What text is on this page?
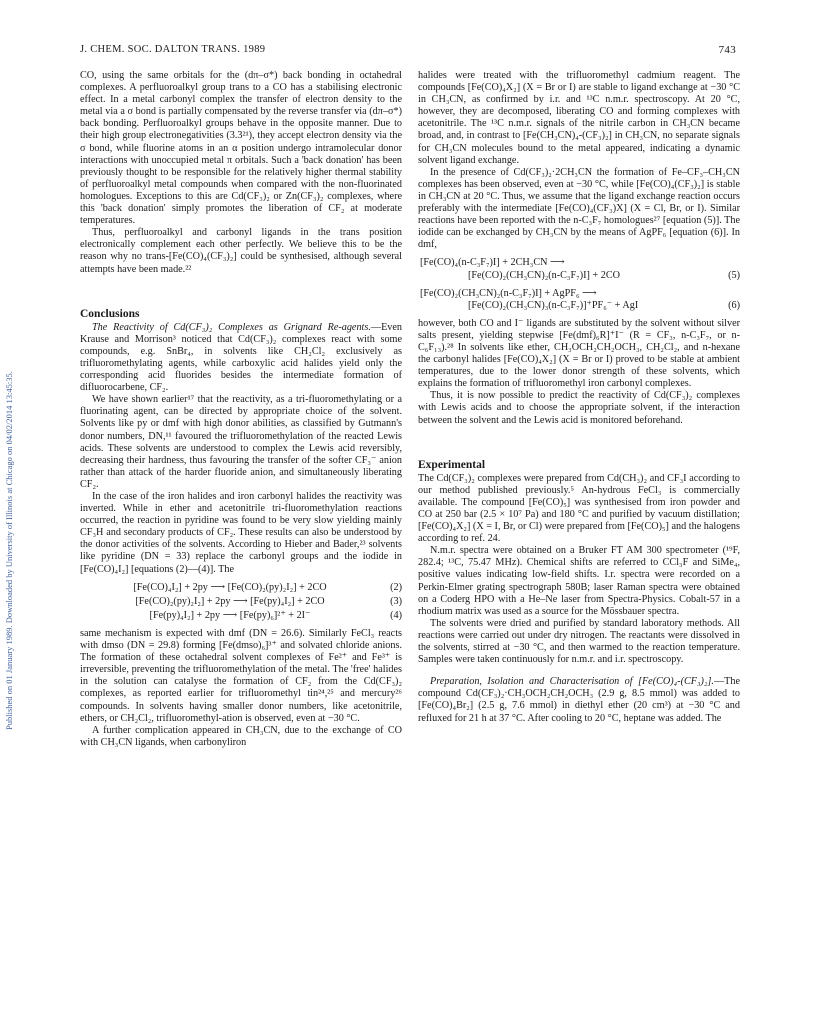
J. CHEM. SOC. DALTON TRANS. 1989	743
Published on 01 January 1989. Downloaded by University of Illinois at Chicago on 04/02/2014 13:45:35.

CO, using the same orbitals for the (dπ–σ*) back bonding in octahedral complexes. A perfluoroalkyl group trans to a CO has a stabilising electronic effect. In a metal carbonyl complex the transfer of electron density to the metal via a σ bond is partially compensated by the reverse transfer via (dπ–σ*) back bonding. Perfluoroalkyl groups behave in the opposite manner. Due to their high group electronegativities (3.3²¹), they accept electron density via the σ bond, while fluorine atoms in an α position undergo intramolecular donor interactions with unoccupied metal π orbitals. Such a 'back donation' has been previously thought to be responsible for the relatively higher thermal stability of perfluoroalkyl metal compounds when compared with the non-fluorinated homologues. Exceptions to this are Cd(CF₃)₂ or Zn(CF₃)₂ complexes, where this 'back donation' simply promotes the liberation of CF₂ at moderate temperatures.

Thus, perfluoroalkyl and carbonyl ligands in the trans position electronically complement each other perfectly. We believe this to be the reason why no trans-[Fe(CO)₄(CF₃)₂] could be synthesised, although several attempts have been made.²²

Conclusions

The Reactivity of Cd(CF₃)₂ Complexes as Grignard Re-agents.—Even Krause and Morrison³ noticed that Cd(CF₃)₂ complexes react with some compounds, e.g. SnBr₄, in solvents like CH₂Cl₂ exclusively as trifluoromethylating agents, while carboxylic acid halides yield only the corresponding acid fluorides besides the intermediate formation of difluorocarbene, CF₂.

We have shown earlier¹⁷ that the reactivity, as a tri-fluoromethylating or a fluorinating agent, can be directed by appropriate choice of the solvent. Solvents like py or dmf with high donor abilities, as classified by Gutmann's donor numbers, DN,¹¹ favoured the trifluoromethylation of the reacted Lewis acids. These solvents are understood to complex the Lewis acid reversibly, decreasing their hardness, thus favouring the transfer of the softer CF₃⁻ anion rather than attack of the harder fluoride anion, and simultaneously liberating CF₂.

In the case of the iron halides and iron carbonyl halides the reactivity was inverted. While in ether and acetonitrile tri-fluoromethylation reactions occurred, the reaction in pyridine was found to be very slow yielding mainly CF₃H and secondary products of CF₂. These results can also be understood by the donor activities of the solvents. According to Hieber and Bader,²³ solvents like pyridine (DN = 33) replace the carbonyl groups and the iodide in [Fe(CO)₄I₂] [equations (2)—(4)]. The

[Fe(CO)₄I₂] + 2py ⟶ [Fe(CO)₂(py)₂I₂] + 2CO	(2)
[Fe(CO)₂(py)₂I₂] + 2py ⟶ [Fe(py)₄I₂] + 2CO	(3)
[Fe(py)₄I₂] + 2py ⟶ [Fe(py)₆]²⁺ + 2I⁻	(4)

same mechanism is expected with dmf (DN = 26.6). Similarly FeCl₃ reacts with dmso (DN = 29.8) forming [Fe(dmso)₆]³⁺ and solvated chloride anions. The formation of these octahedral solvent complexes of Fe²⁺ and Fe³⁺ is irreversible, preventing the trifluoromethylation of the metal. The 'free' halides in the solution can catalyse the formation of CF₂ from the Cd(CF₃)₂ complexes, as reported earlier for trifluoromethyl tin²⁴,²⁵ and mercury²⁶ compounds. In solvents having smaller donor numbers, like acetonitrile, ethers, or CH₂Cl₂, trifluoromethyl-ation is observed, even at −30 °C.

A further complication appeared in CH₃CN, due to the exchange of CO with CH₃CN ligands, when carbonyliron

halides were treated with the trifluoromethyl cadmium reagent. The compounds [Fe(CO)₄X₂] (X = Br or I) are stable to ligand exchange at −30 °C in CH₃CN, as confirmed by i.r. and ¹³C n.m.r. spectroscopy. At 20 °C, however, they are decomposed, liberating CO and forming complexes with acetonitrile. The ¹³C n.m.r. signals of the nitrile carbon in CH₃CN became broad, and, in contrast to [Fe(CH₃CN)₄-(CF₃)₂] in CH₃CN, no separate signals for CH₃CN molecules bound to the metal appeared, indicating a dynamic solvent ligand exchange.

In the presence of Cd(CF₃)₂·2CH₃CN the formation of Fe–CF₃–CH₃CN complexes has been observed, even at −30 °C, while [Fe(CO)₄(CF₃)₂] is stable in CH₃CN at 20 °C. Thus, we assume that the ligand exchange reaction occurs preferably with the intermediate [Fe(CO)₄(CF₃)X] (X = Cl, Br, or I). Similar reactions have been reported with the n-C₃F₇ homologues²⁷ [equation (5)]. The iodide can be exchanged by CH₃CN by the means of AgPF₆ [equation (6)]. In dmf,

[Fe(CO)₄(n-C₃F₇)I] + 2CH₃CN ⟶
[Fe(CO)₂(CH₃CN)₂(n-C₃F₇)I] + 2CO	(5)
[Fe(CO)₂(CH₃CN)₂(n-C₃F₇)I] + AgPF₆ ⟶
[Fe(CO)₂(CH₃CN)₃(n-C₃F₇)]⁺PF₆⁻ + AgI	(6)

however, both CO and I⁻ ligands are substituted by the solvent without silver salts present, yielding stepwise [Fe(dmf)₆R]⁺I⁻ (R = CF₃, n-C₃F₇, or n-C₆F₁₃).²⁸ In solvents like ether, CH₃OCH₂CH₂OCH₃, CH₂Cl₂, and n-hexane the carbonyl halides [Fe(CO)₄X₂] (X = Br or I) proved to be stable at ambient temperatures, due to the lower donor strength of these solvents, which explains the formation of trifluoromethyl iron carbonyl complexes.

Thus, it is now possible to predict the reactivity of Cd(CF₃)₂ complexes with Lewis acids and to choose the appropriate solvent, if the interaction between the solvent and the Lewis acid is monitored beforehand.

Experimental

The Cd(CF₃)₂ complexes were prepared from Cd(CH₃)₂ and CF₃I according to our method published previously.⁵ An-hydrous FeCl₃ is commercially available. The compound [Fe(CO)₅] was synthesised from iron powder and CO at 250 bar (2.5 × 10⁷ Pa) and 180 °C and purified by vacuum distillation; [Fe(CO)₄X₂] (X = I, Br, or Cl) were prepared from [Fe(CO)₅] and the halogens according to ref. 24.

N.m.r. spectra were obtained on a Bruker FT AM 300 spectrometer (¹⁹F, 282.4; ¹³C, 75.47 MHz). Chemical shifts are referred to CCl₃F and SiMe₄, positive values indicating low-field shifts. I.r. spectra were recorded on a Perkin-Elmer grating spectrograph 580B; laser Raman spectra were obtained on a Coderg HPO with a He–Ne laser from Spectra-Physics. Cobalt-57 in a rhodium matrix was used as a source for the Mössbauer spectra.

The solvents were dried and purified by standard laboratory methods. All reactions were carried out under dry nitrogen. The reactants were dissolved in the solvents, stirred at −30 °C, and then warmed to the reaction temperature. Samples were taken continuously for n.m.r. and i.r. spectroscopy.

Preparation, Isolation and Characterisation of [Fe(CO)₄-(CF₃)₂].—The compound Cd(CF₃)₂·CH₃OCH₂CH₂OCH₃ (2.9 g, 8.5 mmol) was added to [Fe(CO)₄Br₂] (2.5 g, 7.6 mmol) in diethyl ether (20 cm³) at −30 °C and refluxed for 21 h at 37 °C. After cooling to 20 °C, heptane was added. The
